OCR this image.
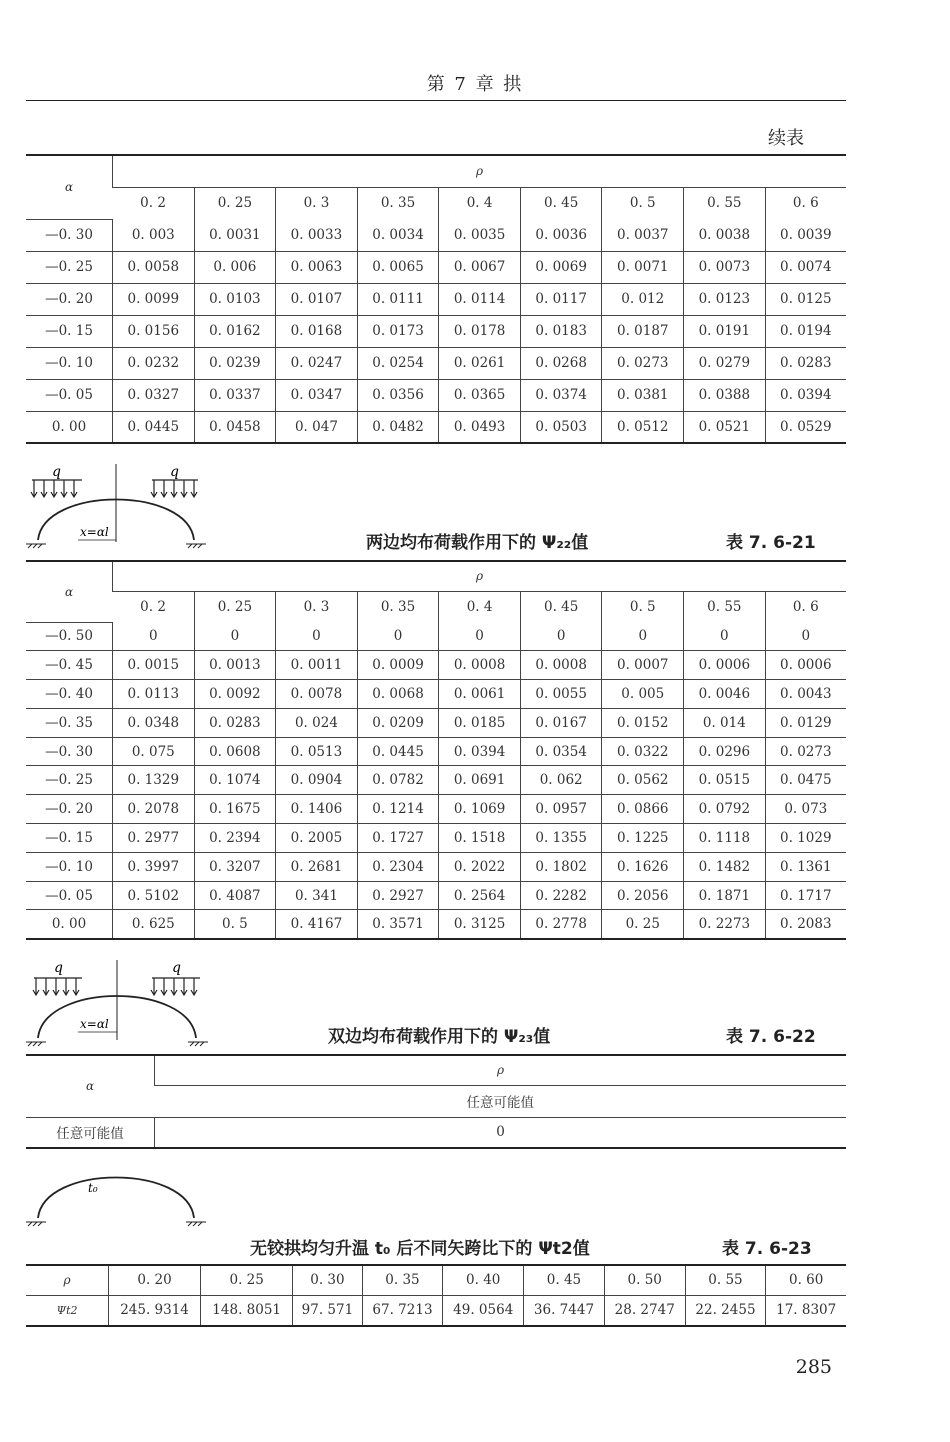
第 7 章 拱
续表
α	ρ								
	0. 2	0. 25	0. 3	0. 35	0. 4	0. 45	0. 5	0. 55	0. 6
—0. 30	0. 003	0. 0031	0. 0033	0. 0034	0. 0035	0. 0036	0. 0037	0. 0038	0. 0039
—0. 25	0. 0058	0. 006	0. 0063	0. 0065	0. 0067	0. 0069	0. 0071	0. 0073	0. 0074
—0. 20	0. 0099	0. 0103	0. 0107	0. 0111	0. 0114	0. 0117	0. 012	0. 0123	0. 0125
—0. 15	0. 0156	0. 0162	0. 0168	0. 0173	0. 0178	0. 0183	0. 0187	0. 0191	0. 0194
—0. 10	0. 0232	0. 0239	0. 0247	0. 0254	0. 0261	0. 0268	0. 0273	0. 0279	0. 0283
—0. 05	0. 0327	0. 0337	0. 0347	0. 0356	0. 0365	0. 0374	0. 0381	0. 0388	0. 0394
0. 00	0. 0445	0. 0458	0. 047	0. 0482	0. 0493	0. 0503	0. 0512	0. 0521	0. 0529
q	q
x=αl
两边均布荷载作用下的 Ψ₂₂值	表 7. 6-21
α	ρ								
	0. 2	0. 25	0. 3	0. 35	0. 4	0. 45	0. 5	0. 55	0. 6
—0. 50	0	0	0	0	0	0	0	0	0
—0. 45	0. 0015	0. 0013	0. 0011	0. 0009	0. 0008	0. 0008	0. 0007	0. 0006	0. 0006
—0. 40	0. 0113	0. 0092	0. 0078	0. 0068	0. 0061	0. 0055	0. 005	0. 0046	0. 0043
—0. 35	0. 0348	0. 0283	0. 024	0. 0209	0. 0185	0. 0167	0. 0152	0. 014	0. 0129
—0. 30	0. 075	0. 0608	0. 0513	0. 0445	0. 0394	0. 0354	0. 0322	0. 0296	0. 0273
—0. 25	0. 1329	0. 1074	0. 0904	0. 0782	0. 0691	0. 062	0. 0562	0. 0515	0. 0475
—0. 20	0. 2078	0. 1675	0. 1406	0. 1214	0. 1069	0. 0957	0. 0866	0. 0792	0. 073
—0. 15	0. 2977	0. 2394	0. 2005	0. 1727	0. 1518	0. 1355	0. 1225	0. 1118	0. 1029
—0. 10	0. 3997	0. 3207	0. 2681	0. 2304	0. 2022	0. 1802	0. 1626	0. 1482	0. 1361
—0. 05	0. 5102	0. 4087	0. 341	0. 2927	0. 2564	0. 2282	0. 2056	0. 1871	0. 1717
0. 00	0. 625	0. 5	0. 4167	0. 3571	0. 3125	0. 2778	0. 25	0. 2273	0. 2083
q	q
x=αl
双边均布荷载作用下的 Ψ₂₃值	表 7. 6-22
α	ρ
	任意可能值
任意可能值	0
t₀
无铰拱均匀升温 t₀ 后不同矢跨比下的 Ψt2值	表 7. 6-23
ρ	0. 20	0. 25	0. 30	0. 35	0. 40	0. 45	0. 50	0. 55	0. 60
Ψt2	245. 9314	148. 8051	97. 571	67. 7213	49. 0564	36. 7447	28. 2747	22. 2455	17. 8307
285
